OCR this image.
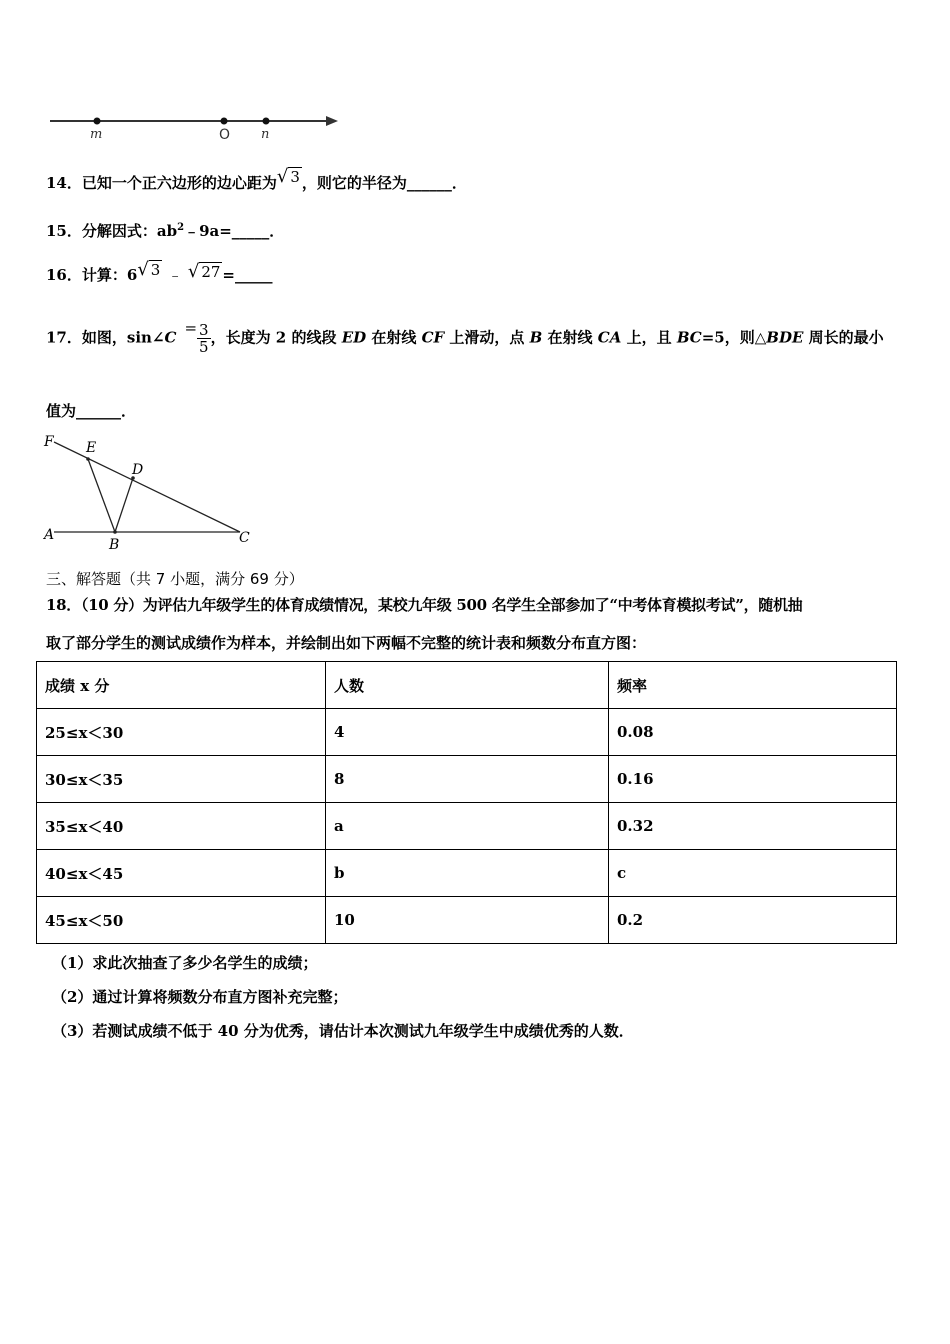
m	O n
14．已知一个正六边形的边心距为√ 3 ，则它的半径为______．
15．分解因式：$ab^2﹣9a=\_\_\_\_\_$．
16．计算：6√ 3 ﹣ √ 27 =_____
17．如图，sin∠C= $\frac{3}{5}$ ，长度为 2 的线段 ED 在射线 CF 上滑动，点 B 在射线 CA 上，且 BC=5，则△BDE 周长的最小
值为______．
F E
D
A
B	C
三、解答题（共 7 小题，满分 69 分）
18．（10 分）为评估九年级学生的体育成绩情况，某校九年级 500 名学生全部参加了“中考体育模拟考试”，随机抽
取了部分学生的测试成绩作为样本，并绘制出如下两幅不完整的统计表和频数分布直方图：
成绩 x 分	人数	频率
25≤x＜30	4	0.08
30≤x＜35	8	0.16
35≤x＜40	a	0.32
40≤x＜45	b	c
45≤x＜50	10	0.2
（1）求此次抽查了多少名学生的成绩；
（2）通过计算将频数分布直方图补充完整；
（3）若测试成绩不低于 40 分为优秀，请估计本次测试九年级学生中成绩优秀的人数．
